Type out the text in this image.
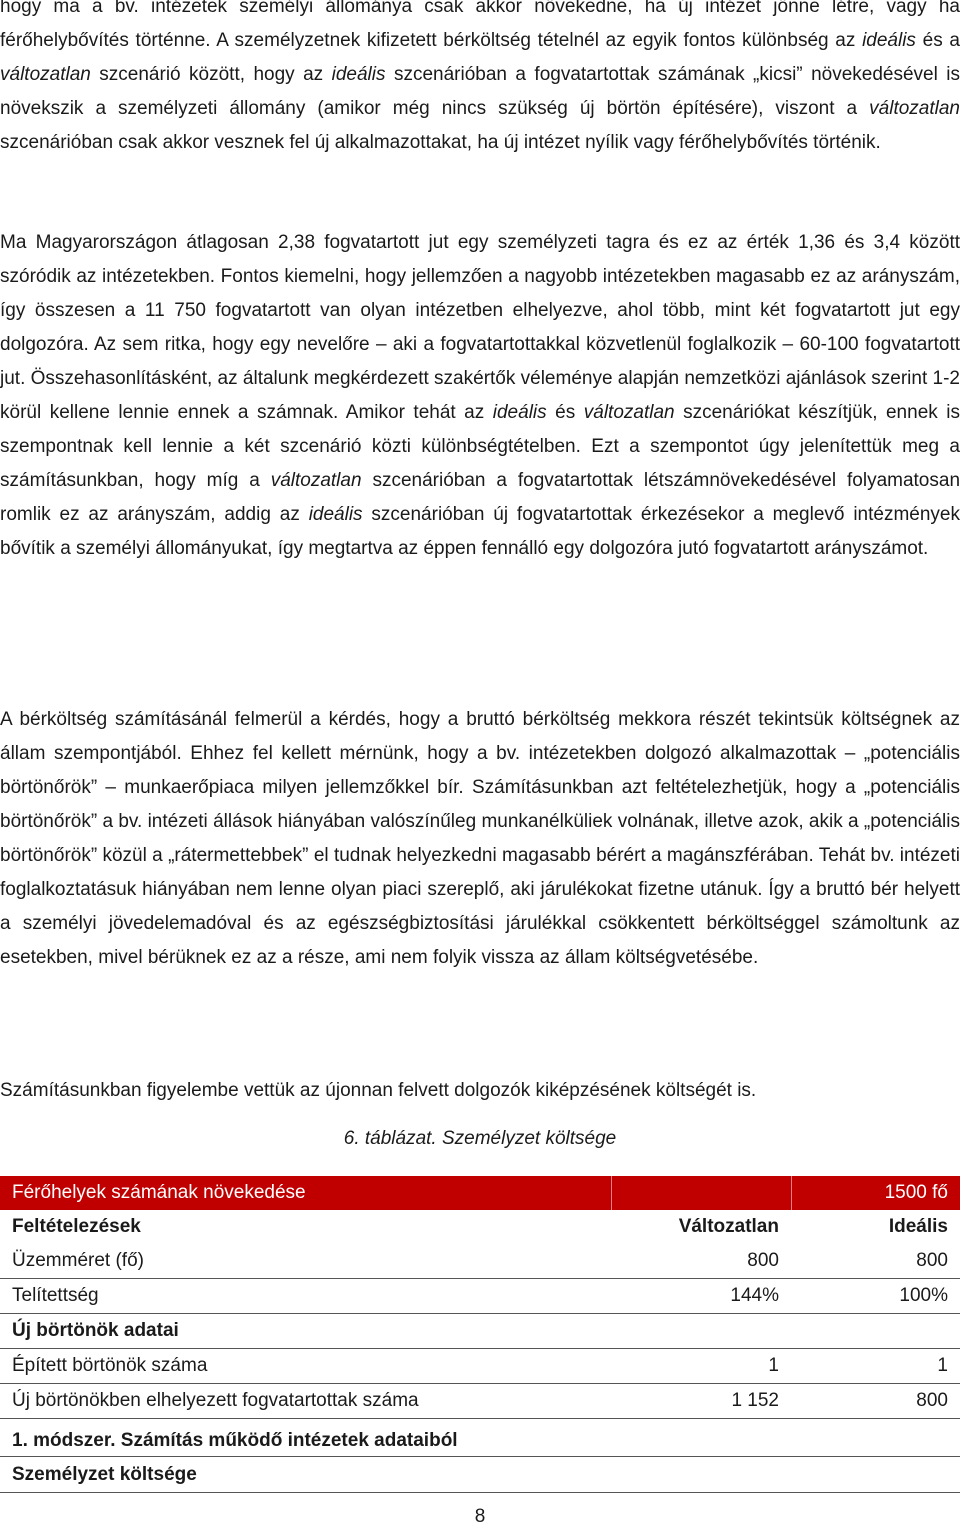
hogy ma a bv. intézetek személyi állománya csak akkor növekedne, ha új intézet jönne létre, vagy ha férőhelybővítés történne. A személyzetnek kifizetett bérköltség tételnél az egyik fontos különbség az ideális és a változatlan szcenárió között, hogy az ideális szcenárióban a fogvatartottak számának „kicsi” növekedésével is növekszik a személyzeti állomány (amikor még nincs szükség új börtön építésére), viszont a változatlan szcenárióban csak akkor vesznek fel új alkalmazottakat, ha új intézet nyílik vagy férőhelybővítés történik.

Ma Magyarországon átlagosan 2,38 fogvatartott jut egy személyzeti tagra és ez az érték 1,36 és 3,4 között szóródik az intézetekben. Fontos kiemelni, hogy jellemzően a nagyobb intézetekben magasabb ez az arányszám, így összesen a 11 750 fogvatartott van olyan intézetben elhelyezve, ahol több, mint két fogvatartott jut egy dolgozóra. Az sem ritka, hogy egy nevelőre – aki a fogvatartottakkal közvetlenül foglalkozik – 60-100 fogvatartott jut. Összehasonlításként, az általunk megkérdezett szakértők véleménye alapján nemzetközi ajánlások szerint 1-2 körül kellene lennie ennek a számnak. Amikor tehát az ideális és változatlan szcenáriókat készítjük, ennek is szempontnak kell lennie a két szcenárió közti különbségtételben. Ezt a szempontot úgy jelenítettük meg a számításunkban, hogy míg a változatlan szcenárióban a fogvatartottak létszámnövekedésével folyamatosan romlik ez az arányszám, addig az ideális szcenárióban új fogvatartottak érkezésekor a meglevő intézmények bővítik a személyi állományukat, így megtartva az éppen fennálló egy dolgozóra jutó fogvatartott arányszámot.

A bérköltség számításánál felmerül a kérdés, hogy a bruttó bérköltség mekkora részét tekintsük költségnek az állam szempontjából. Ehhez fel kellett mérnünk, hogy a bv. intézetekben dolgozó alkalmazottak – „potenciális börtönőrök” – munkaerőpiaca milyen jellemzőkkel bír. Számításunkban azt feltételezhetjük, hogy a „potenciális börtönőrök” a bv. intézeti állások hiányában valószínűleg munkanélküliek volnának, illetve azok, akik a „potenciális börtönőrök” közül a „rátermettebbek” el tudnak helyezkedni magasabb bérért a magánszférában. Tehát bv. intézeti foglalkoztatásuk hiányában nem lenne olyan piaci szereplő, aki járulékokat fizetne utánuk. Így a bruttó bér helyett a személyi jövedelemadóval és az egészségbiztosítási járulékkal csökkentett bérköltséggel számoltunk az esetekben, mivel bérüknek ez az a része, ami nem folyik vissza az állam költségvetésébe.

Számításunkban figyelembe vettük az újonnan felvett dolgozók kiképzésének költségét is.

6. táblázat. Személyzet költsége
Férőhelyek számának növekedése		1500 fő
Feltételezések	Változatlan	Ideális
Üzemméret (fő)	800	800
Telítettség	144%	100%
Új börtönök adatai		
Épített börtönök száma	1	1
Új börtönökben elhelyezett fogvatartottak száma	1 152	800
1. módszer. Számítás működő intézetek adataiból
Személyzet költsége
8
